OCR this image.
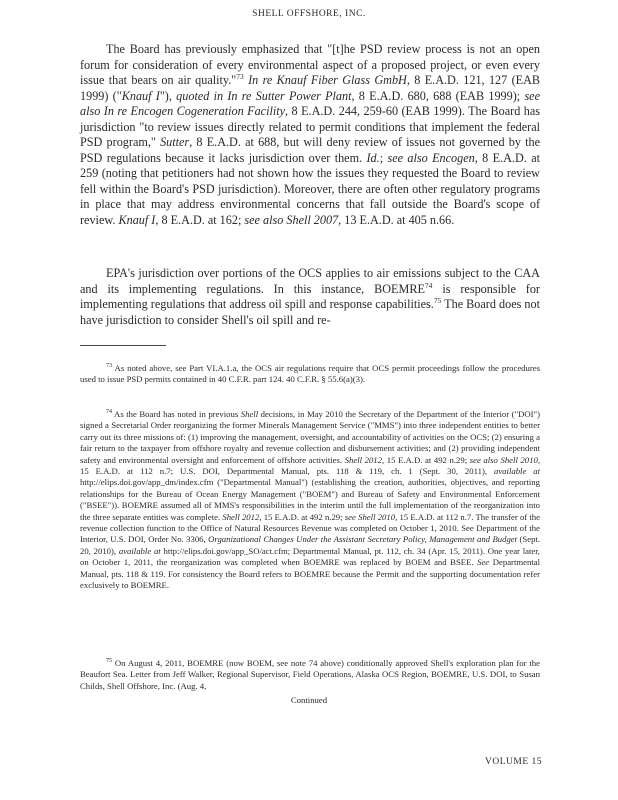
SHELL OFFSHORE, INC.

The Board has previously emphasized that "[t]he PSD review process is not an open forum for consideration of every environmental aspect of a proposed project, or even every issue that bears on air quality."$^{73}$ In re Knauf Fiber Glass GmbH, 8 E.A.D. 121, 127 (EAB 1999) ("Knauf I"), quoted in In re Sutter Power Plant, 8 E.A.D. 680, 688 (EAB 1999); see also In re Encogen Cogeneration Facility, 8 E.A.D. 244, 259-60 (EAB 1999). The Board has jurisdiction "to review issues directly related to permit conditions that implement the federal PSD program," Sutter, 8 E.A.D. at 688, but will deny review of issues not governed by the PSD regulations because it lacks jurisdiction over them. Id.; see also Encogen, 8 E.A.D. at 259 (noting that petitioners had not shown how the issues they requested the Board to review fell within the Board's PSD jurisdiction). Moreover, there are often other regulatory programs in place that may address environmental concerns that fall outside the Board's scope of review. Knauf I, 8 E.A.D. at 162; see also Shell 2007, 13 E.A.D. at 405 n.66.

EPA's jurisdiction over portions of the OCS applies to air emissions subject to the CAA and its implementing regulations. In this instance, BOEMRE$^{74}$ is responsible for implementing regulations that address oil spill and response capabilities.$^{75}$ The Board does not have jurisdiction to consider Shell's oil spill and re-

$^{73}$ As noted above, see Part VI.A.1.a, the OCS air regulations require that OCS permit proceedings follow the procedures used to issue PSD permits contained in 40 C.F.R. part 124. 40 C.F.R. § 55.6(a)(3).

$^{74}$ As the Board has noted in previous Shell decisions, in May 2010 the Secretary of the Department of the Interior ("DOI") signed a Secretarial Order reorganizing the former Minerals Management Service ("MMS") into three independent entities to better carry out its three missions of: (1) improving the management, oversight, and accountability of activities on the OCS; (2) ensuring a fair return to the taxpayer from offshore royalty and revenue collection and disbursement activities; and (2) providing independent safety and environmental oversight and enforcement of offshore activities. Shell 2012, 15 E.A.D. at 492 n.29; see also Shell 2010, 15 E.A.D. at 112 n.7; U.S. DOI, Departmental Manual, pts. 118 & 119, ch. 1 (Sept. 30, 2011), available at http://elips.doi.gov/app_dm/index.cfm ("Departmental Manual") (establishing the creation, authorities, objectives, and reporting relationships for the Bureau of Ocean Energy Management ("BOEM") and Bureau of Safety and Environmental Enforcement ("BSEE")). BOEMRE assumed all of MMS's responsibilities in the interim until the full implementation of the reorganization into the three separate entities was complete. Shell 2012, 15 E.A.D. at 492 n.29; see Shell 2010, 15 E.A.D. at 112 n.7. The transfer of the revenue collection function to the Office of Natural Resources Revenue was completed on October 1, 2010. See Department of the Interior, U.S. DOI, Order No. 3306, Organizational Changes Under the Assistant Secretary Policy, Management and Budget (Sept. 20, 2010), available at http://elips.doi.gov/app_SO/act.cfm; Departmental Manual, pt. 112, ch. 34 (Apr. 15, 2011). One year later, on October 1, 2011, the reorganization was completed when BOEMRE was replaced by BOEM and BSEE. See Departmental Manual, pts. 118 & 119. For consistency the Board refers to BOEMRE because the Permit and the supporting documentation refer exclusively to BOEMRE.

$^{75}$ On August 4, 2011, BOEMRE (now BOEM, see note 74 above) conditionally approved Shell's exploration plan for the Beaufort Sea. Letter from Jeff Walker, Regional Supervisor, Field Operations, Alaska OCS Region, BOEMRE, U.S. DOI, to Susan Childs, Shell Offshore, Inc. (Aug. 4,

Continued
VOLUME 15
